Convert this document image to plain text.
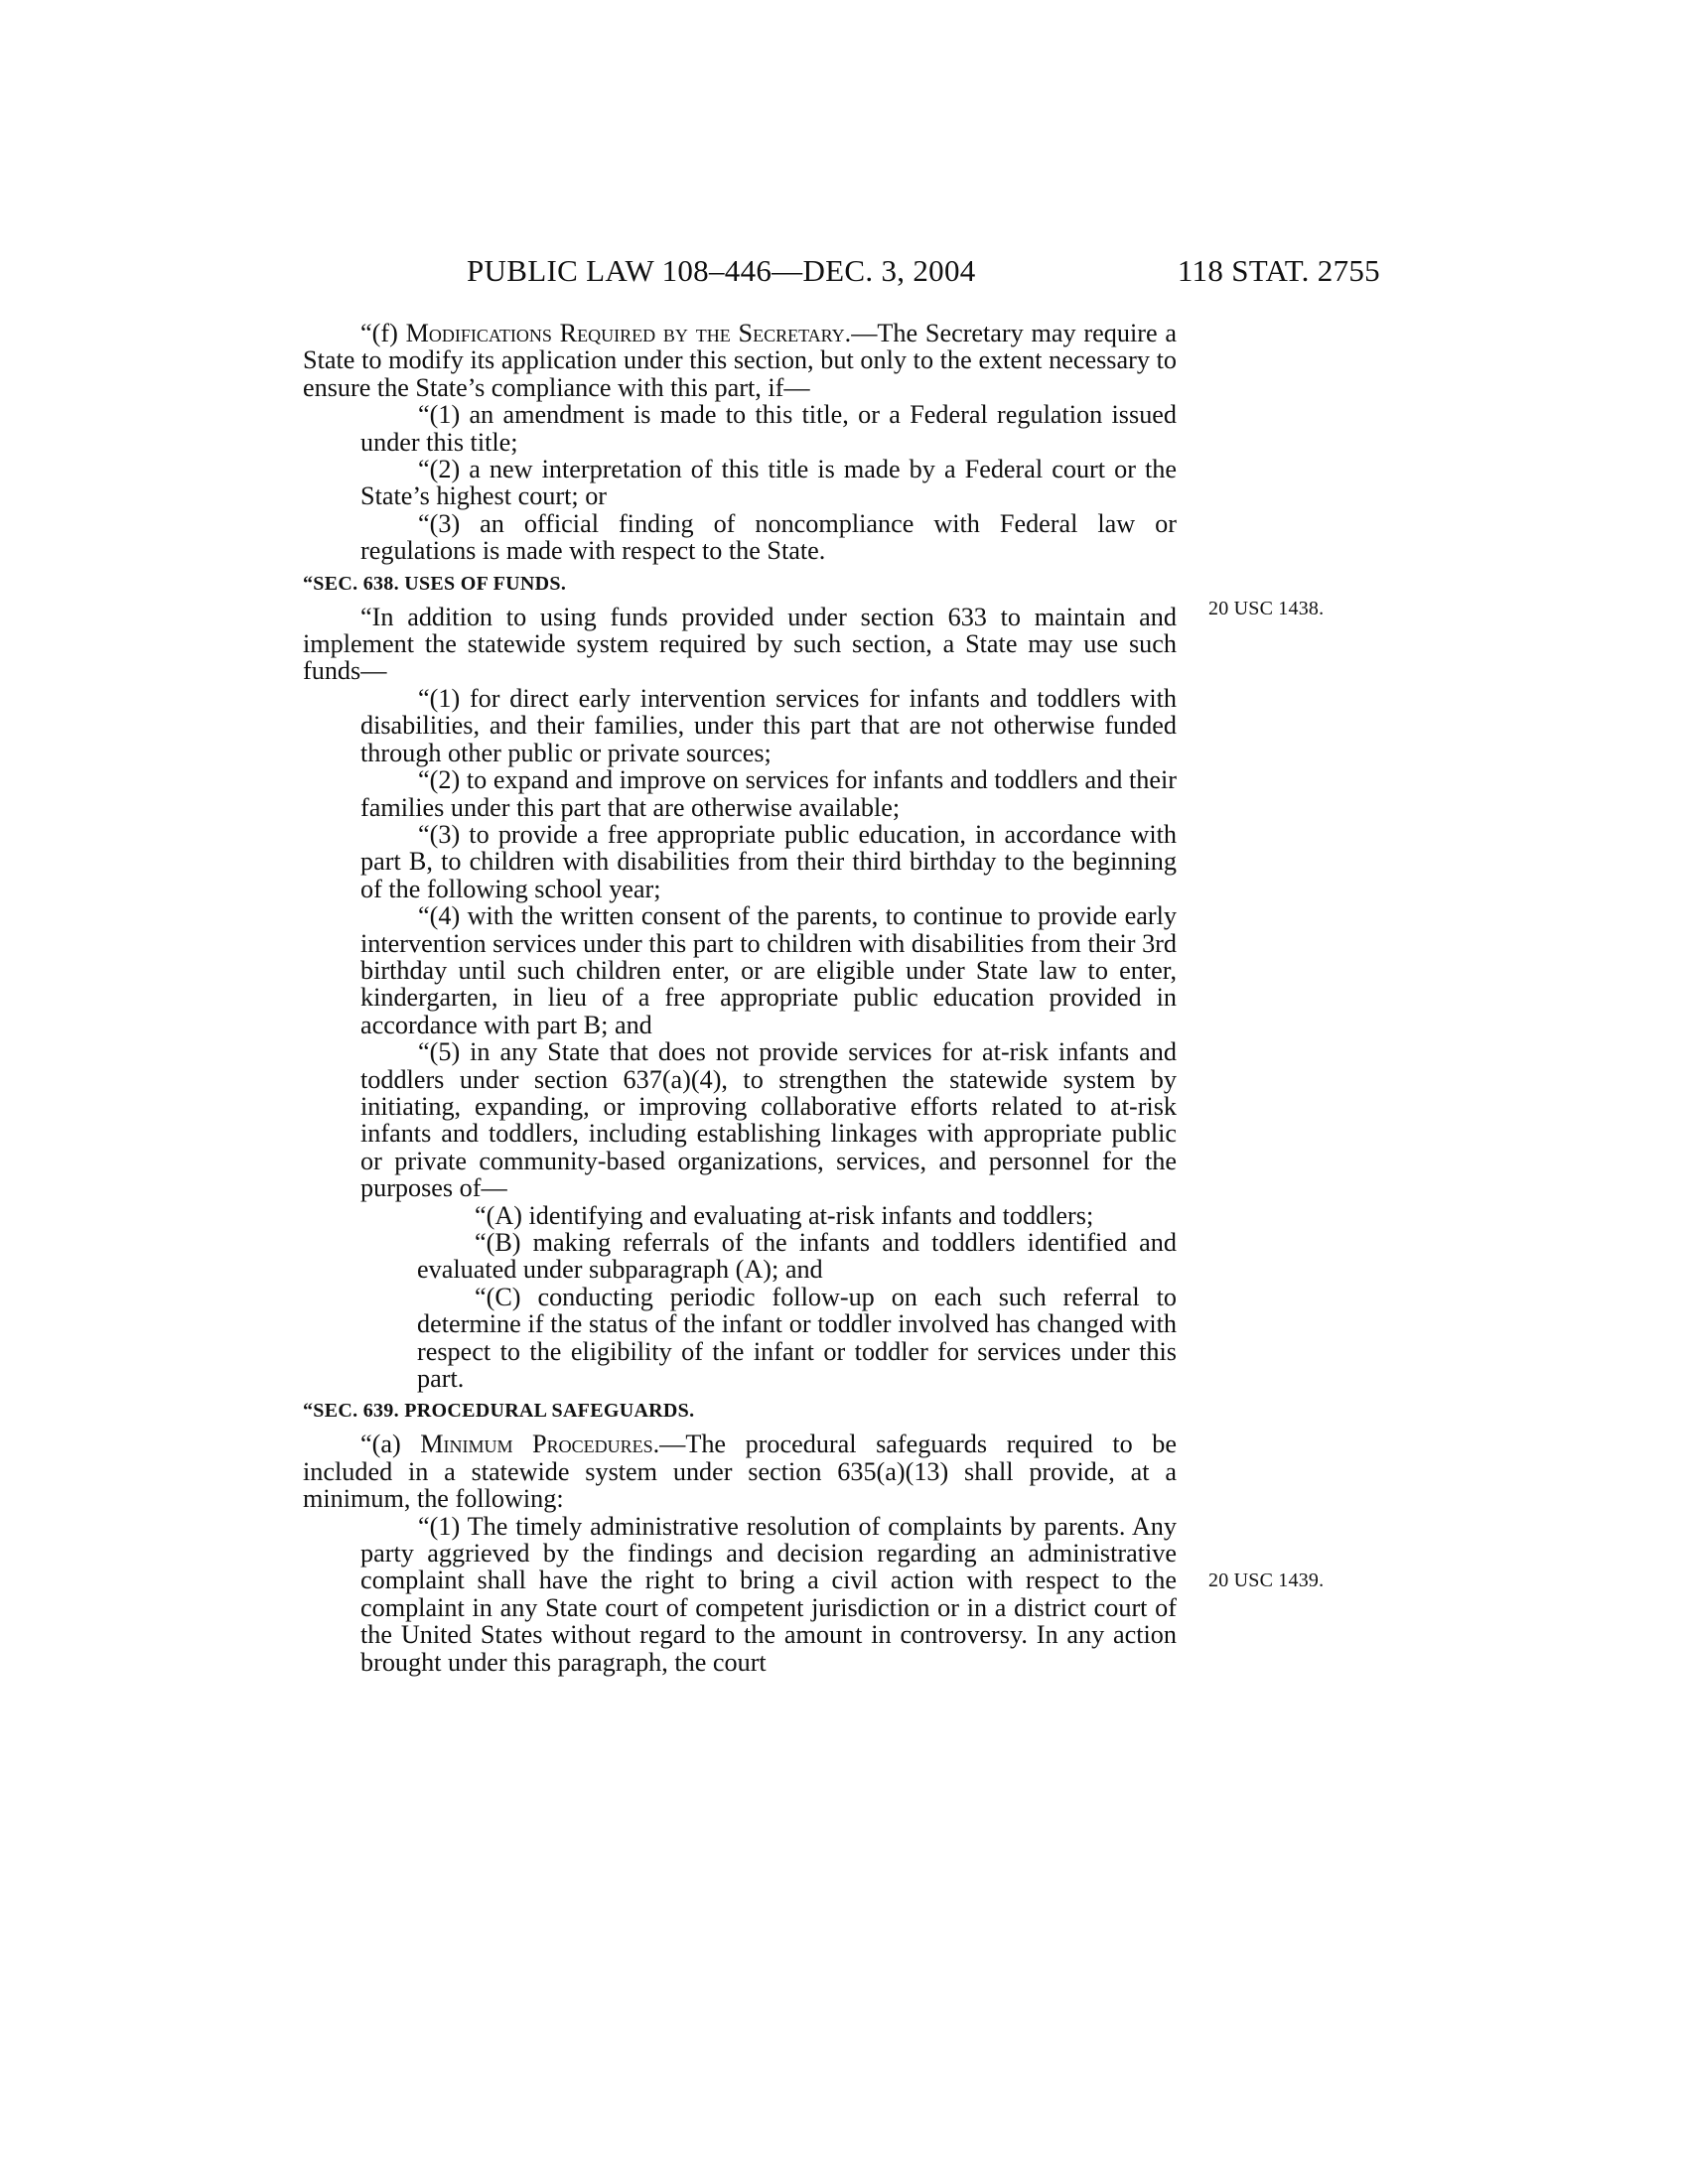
PUBLIC LAW 108–446—DEC. 3, 2004	118 STAT. 2755
20 USC 1438.
20 USC 1439.

“(f) Modifications Required by the Secretary.—The Secretary may require a State to modify its application under this section, but only to the extent necessary to ensure the State’s compliance with this part, if—

“(1) an amendment is made to this title, or a Federal regulation issued under this title;

“(2) a new interpretation of this title is made by a Federal court or the State’s highest court; or

“(3) an official finding of noncompliance with Federal law or regulations is made with respect to the State.

“SEC. 638. USES OF FUNDS.

“In addition to using funds provided under section 633 to maintain and implement the statewide system required by such section, a State may use such funds—

“(1) for direct early intervention services for infants and toddlers with disabilities, and their families, under this part that are not otherwise funded through other public or private sources;

“(2) to expand and improve on services for infants and toddlers and their families under this part that are otherwise available;

“(3) to provide a free appropriate public education, in accordance with part B, to children with disabilities from their third birthday to the beginning of the following school year;

“(4) with the written consent of the parents, to continue to provide early intervention services under this part to children with disabilities from their 3rd birthday until such children enter, or are eligible under State law to enter, kindergarten, in lieu of a free appropriate public education provided in accordance with part B; and

“(5) in any State that does not provide services for at-risk infants and toddlers under section 637(a)(4), to strengthen the statewide system by initiating, expanding, or improving collaborative efforts related to at-risk infants and toddlers, including establishing linkages with appropriate public or private community-based organizations, services, and personnel for the purposes of—

“(A) identifying and evaluating at-risk infants and toddlers;

“(B) making referrals of the infants and toddlers identified and evaluated under subparagraph (A); and

“(C) conducting periodic follow-up on each such referral to determine if the status of the infant or toddler involved has changed with respect to the eligibility of the infant or toddler for services under this part.

“SEC. 639. PROCEDURAL SAFEGUARDS.

“(a) Minimum Procedures.—The procedural safeguards required to be included in a statewide system under section 635(a)(13) shall provide, at a minimum, the following:

“(1) The timely administrative resolution of complaints by parents. Any party aggrieved by the findings and decision regarding an administrative complaint shall have the right to bring a civil action with respect to the complaint in any State court of competent jurisdiction or in a district court of the United States without regard to the amount in controversy. In any action brought under this paragraph, the court
